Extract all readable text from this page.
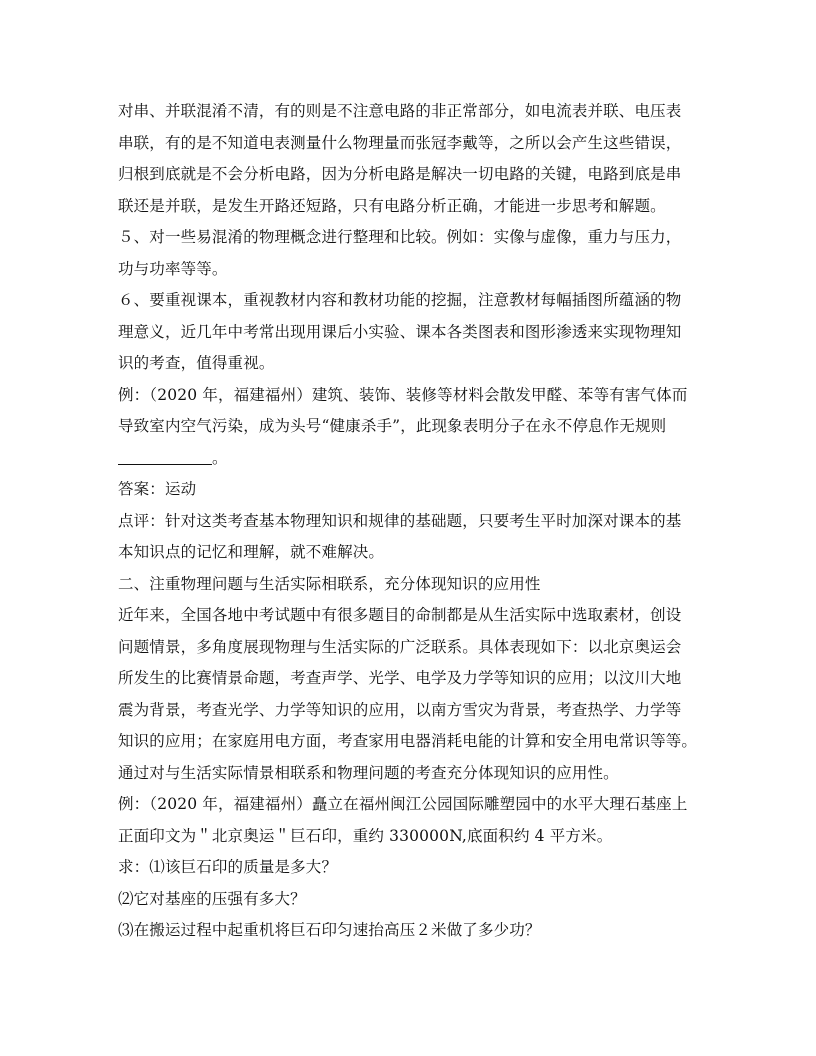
对串、并联混淆不清，有的则是不注意电路的非正常部分，如电流表并联、电压表
串联，有的是不知道电表测量什么物理量而张冠李戴等，之所以会产生这些错误，
归根到底就是不会分析电路，因为分析电路是解决一切电路的关键，电路到底是串
联还是并联，是发生开路还短路，只有电路分析正确，才能进一步思考和解题。
５、对一些易混淆的物理概念进行整理和比较。例如：实像与虚像，重力与压力，
功与功率等等。
６、要重视课本，重视教材内容和教材功能的挖掘，注意教材每幅插图所蕴涵的物
理意义，近几年中考常出现用课后小实验、课本各类图表和图形渗透来实现物理知
识的考查，值得重视。
例：（2020 年，福建福州）建筑、装饰、装修等材料会散发甲醛、苯等有害气体而
导致室内空气污染，成为头号“健康杀手”，此现象表明分子在永不停息作无规则
。
答案：运动
点评：针对这类考查基本物理知识和规律的基础题，只要考生平时加深对课本的基
本知识点的记忆和理解，就不难解决。
二、注重物理问题与生活实际相联系，充分体现知识的应用性
近年来，全国各地中考试题中有很多题目的命制都是从生活实际中选取素材，创设
问题情景，多角度展现物理与生活实际的广泛联系。具体表现如下：以北京奥运会
所发生的比赛情景命题，考查声学、光学、电学及力学等知识的应用；以汶川大地
震为背景，考查光学、力学等知识的应用，以南方雪灾为背景，考查热学、力学等
知识的应用；在家庭用电方面，考查家用电器消耗电能的计算和安全用电常识等等。
通过对与生活实际情景相联系和物理问题的考查充分体现知识的应用性。
例：（2020 年，福建福州）矗立在福州闽江公园国际雕塑园中的水平大理石基座上
正面印文为＂北京奥运＂巨石印，重约 330000N,底面积约 4 平方米。
求：⑴该巨石印的质量是多大？
⑵它对基座的压强有多大？
⑶在搬运过程中起重机将巨石印匀速抬高压２米做了多少功？
